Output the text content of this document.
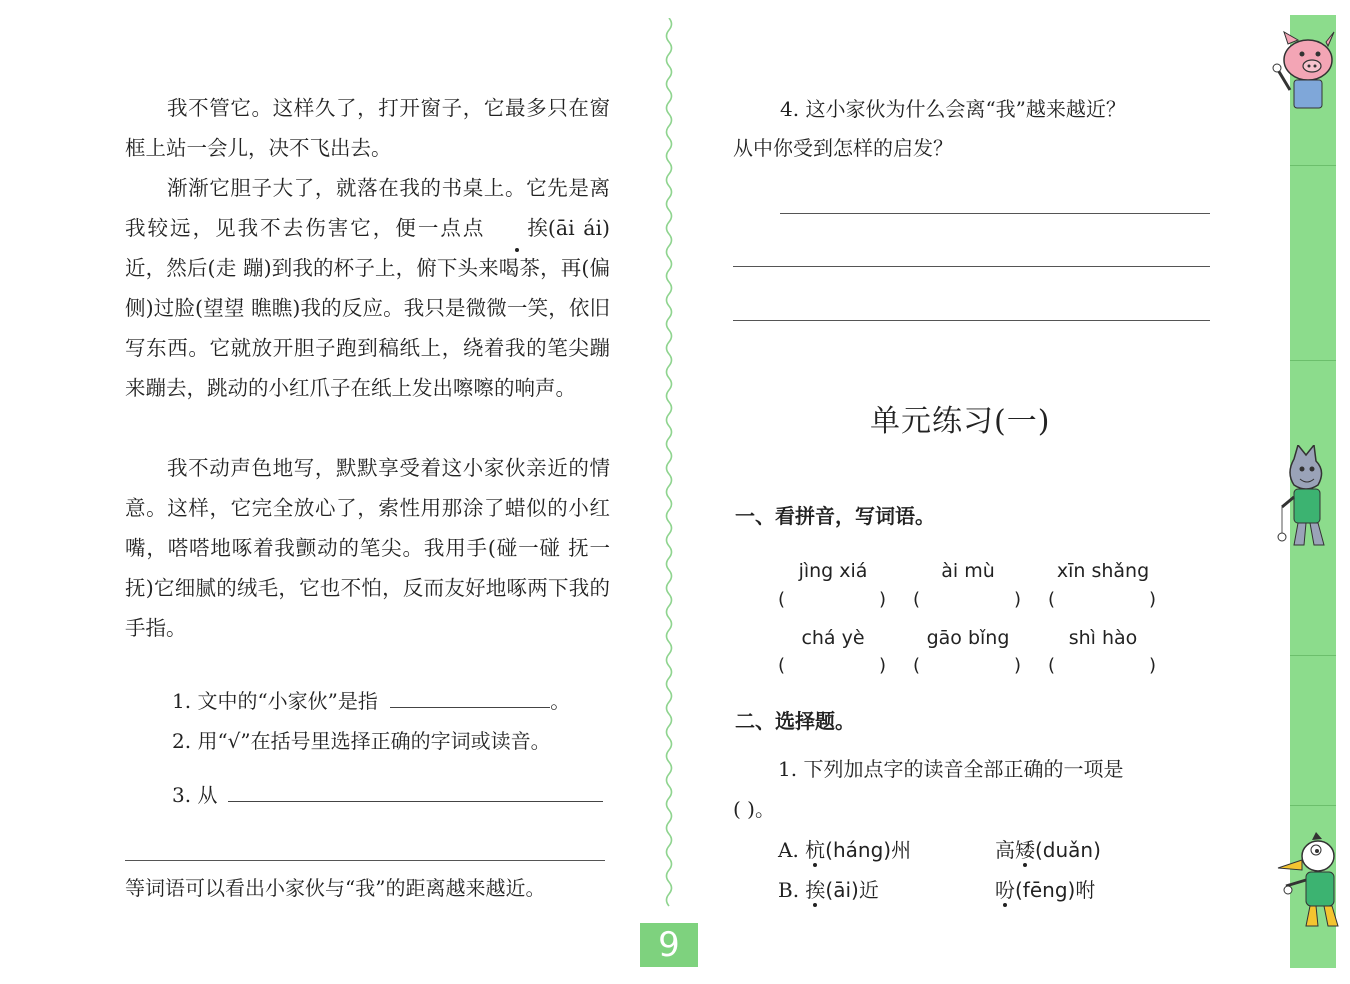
我不管它。这样久了，打开窗子，它最多只在窗框上站一会儿，决不飞出去。

渐渐它胆子大了，就落在我的书桌上。它先是离我较远，见我不去伤害它，便一点点 挨(āi ái)近，然后(走 蹦)到我的杯子上，俯下头来喝茶，再(偏 侧)过脸(望望 瞧瞧)我的反应。我只是微微一笑，依旧写东西。它就放开胆子跑到稿纸上，绕着我的笔尖蹦来蹦去，跳动的小红爪子在纸上发出嚓嚓的响声。

我不动声色地写，默默享受着这小家伙亲近的情意。这样，它完全放心了，索性用那涂了蜡似的小红嘴，嗒嗒地啄着我颤动的笔尖。我用手(碰一碰 抚一抚)它细腻的绒毛，它也不怕，反而友好地啄两下我的手指。

1. 文中的“小家伙”是指	。
2. 用“√”在括号里选择正确的字词或读音。
3. 从
等词语可以看出小家伙与“我”的距离越来越近。
9
4. 这小家伙为什么会离“我”越来越近？
从中你受到怎样的启发？
单元练习(一)
一、看拼音，写词语。
jìng xiá	ài mù	xīn shǎng
(	) (	) (	)
chá yè	gāo bǐng	shì hào
(	) (	) (	)
二、选择题。
1. 下列加点字的读音全部正确的一项是
( )。
A. 杭(háng)州	高矮(duǎn)
B. 挨(āi)近	吩(fēng)咐
